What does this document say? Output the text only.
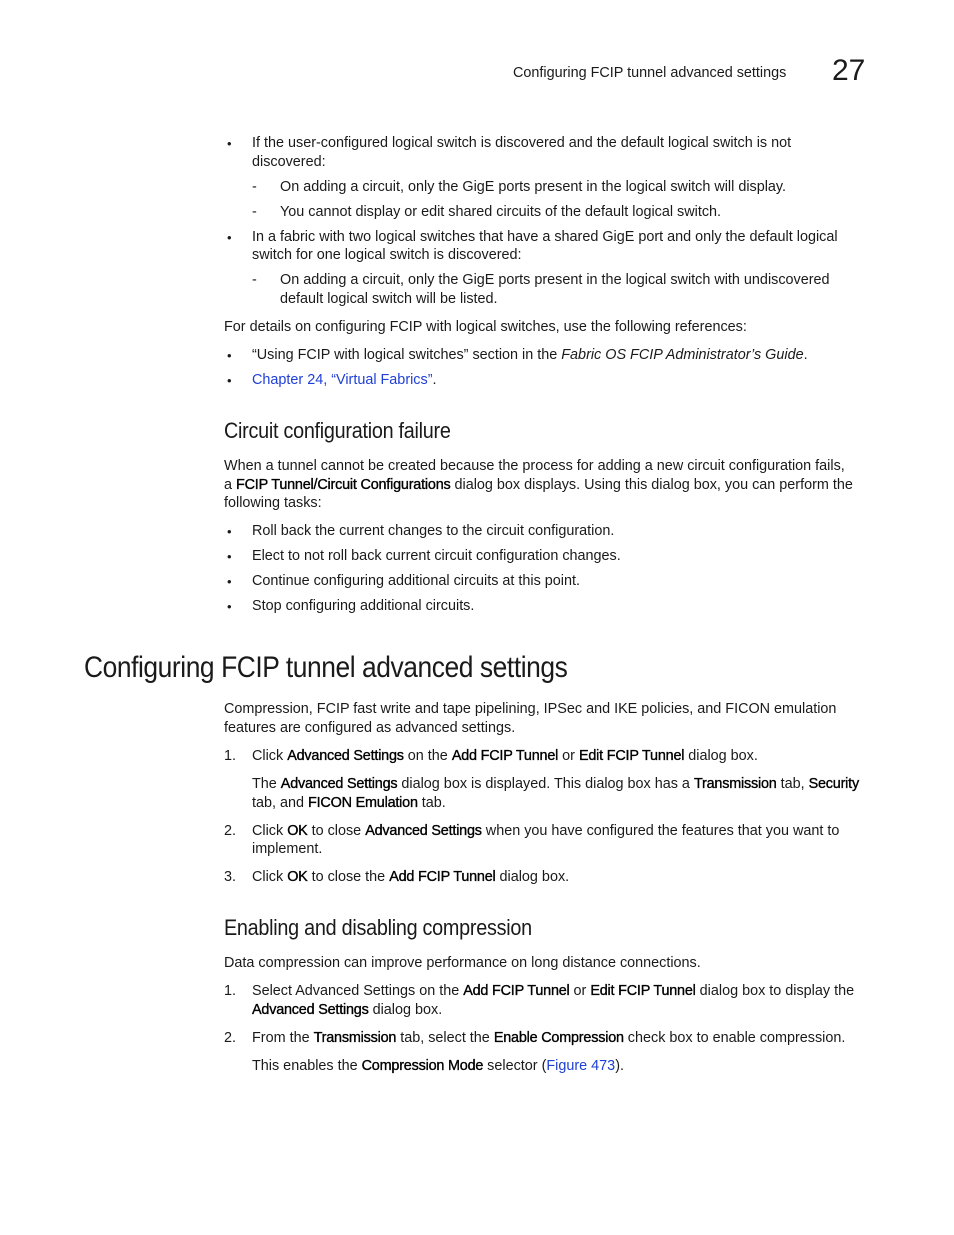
Configuring FCIP tunnel advanced settings 27
• If the user-configured logical switch is discovered and the default logical switch is not
discovered:
- On adding a circuit, only the GigE ports present in the logical switch will display.
- You cannot display or edit shared circuits of the default logical switch.
• In a fabric with two logical switches that have a shared GigE port and only the default logical
switch for one logical switch is discovered:
- On adding a circuit, only the GigE ports present in the logical switch with undiscovered
default logical switch will be listed.
For details on configuring FCIP with logical switches, use the following references:
• “Using FCIP with logical switches” section in the Fabric OS FCIP Administrator’s Guide.
• Chapter 24, “Virtual Fabrics”.
Circuit configuration failure
When a tunnel cannot be created because the process for adding a new circuit configuration fails,
a FCIP Tunnel/Circuit Configurations dialog box displays. Using this dialog box, you can perform the
following tasks:
• Roll back the current changes to the circuit configuration.
• Elect to not roll back current circuit configuration changes.
• Continue configuring additional circuits at this point.
• Stop configuring additional circuits.
Configuring FCIP tunnel advanced settings
Compression, FCIP fast write and tape pipelining, IPSec and IKE policies, and FICON emulation
features are configured as advanced settings.
1. Click Advanced Settings on the Add FCIP Tunnel or Edit FCIP Tunnel dialog box.
The Advanced Settings dialog box is displayed. This dialog box has a Transmission tab, Security
tab, and FICON Emulation tab.
2. Click OK to close Advanced Settings when you have configured the features that you want to
implement.
3. Click OK to close the Add FCIP Tunnel dialog box.
Enabling and disabling compression
Data compression can improve performance on long distance connections.
1. Select Advanced Settings on the Add FCIP Tunnel or Edit FCIP Tunnel dialog box to display the
Advanced Settings dialog box.
2. From the Transmission tab, select the Enable Compression check box to enable compression.
This enables the Compression Mode selector (Figure 473).
